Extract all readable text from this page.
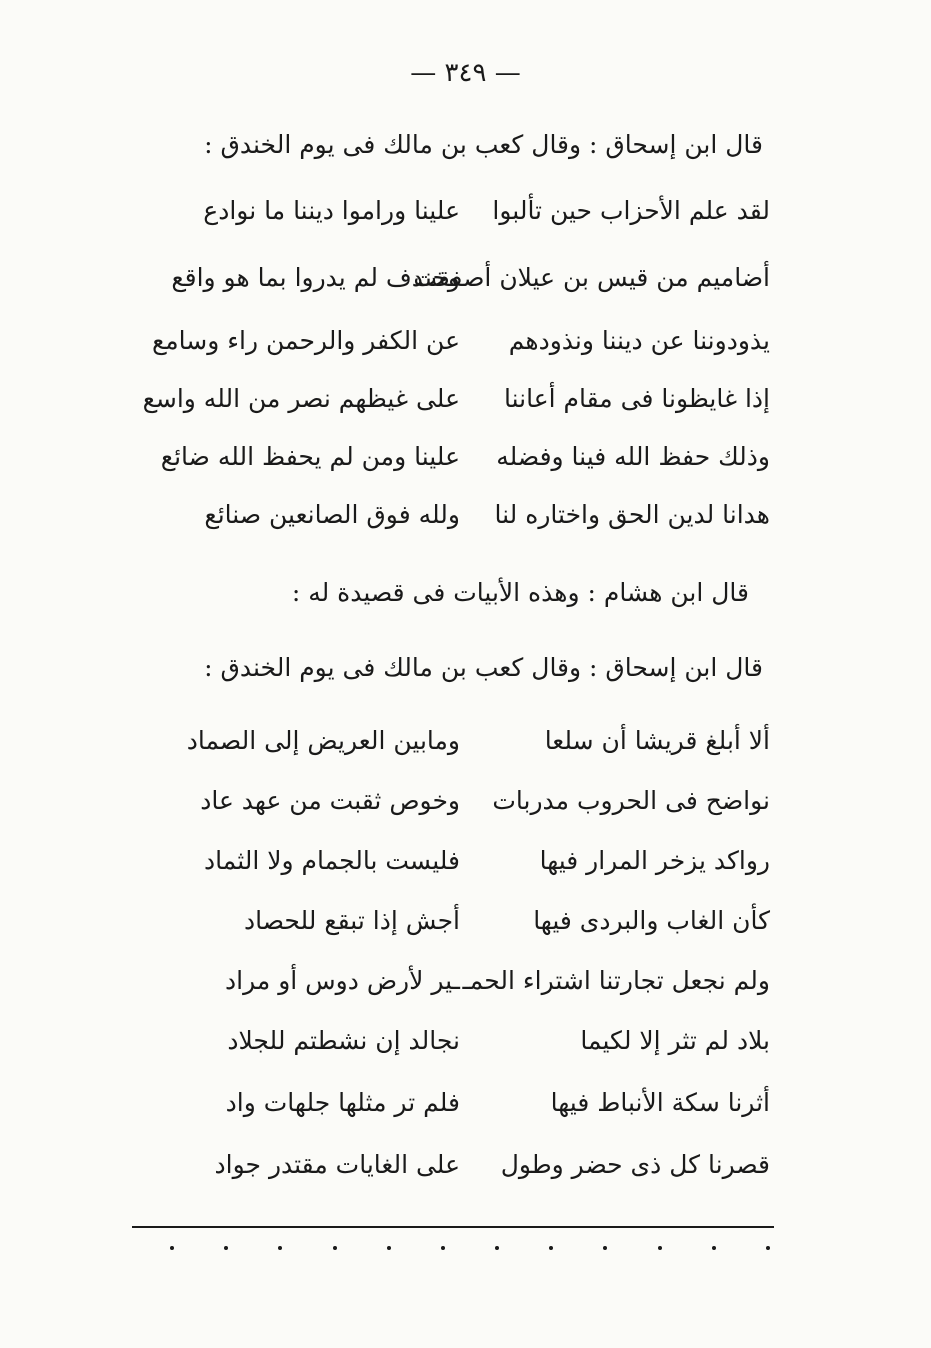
— ٣٤٩ —
قال ابن إسحاق : وقال كعب بن مالك فى يوم الخندق :
لقد علم الأحزاب حين تألبوا
علينا وراموا ديننا ما نوادع
أضاميم من قيس بن عيلان أصفقت
وخندف لم يدروا بما هو واقع
يذودوننا عن ديننا ونذودهم
عن الكفر والرحمن راء وسامع
إذا غايظونا فى مقام أعاننا
على غيظهم نصر من الله واسع
وذلك حفظ الله فينا وفضله
علينا ومن لم يحفظ الله ضائع
هدانا لدين الحق واختاره لنا
ولله فوق الصانعين صنائع
قال ابن هشام : وهذه الأبيات فى قصيدة له :
قال ابن إسحاق : وقال كعب بن مالك فى يوم الخندق :
ألا أبلغ قريشا أن سلعا
ومابين العريض إلى الصماد
نواضح فى الحروب مدربات
وخوص ثقبت من عهد عاد
رواكد يزخر المرار فيها
فليست بالجمام ولا الثماد
كأن الغاب والبردى فيها
أجش إذا تبقع للحصاد
ولم نجعل تجارتنا اشتراء الحمـ
ـير لأرض دوس أو مراد
بلاد لم تثر إلا لكيما
نجالد إن نشطتم للجلاد
أثرنا سكة الأنباط فيها
فلم تر مثلها جلهات واد
قصرنا كل ذى حضر وطول
على الغايات مقتدر جواد
